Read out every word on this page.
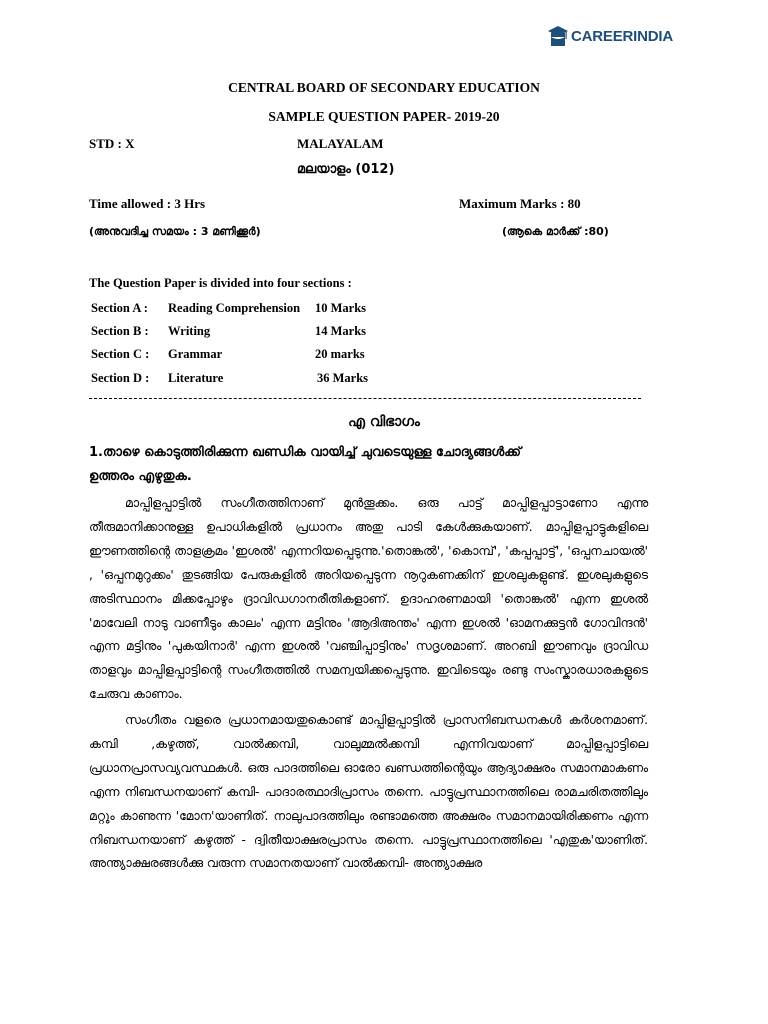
CAREERINDIA
CENTRAL BOARD OF SECONDARY EDUCATION
SAMPLE QUESTION PAPER- 2019-20
STD : X	MALAYALAM
മലയാളം (012)
Time allowed : 3 Hrs	Maximum Marks : 80
(അനുവദിച്ച സമയം : 3 മണിക്കൂർ)	(ആകെ മാർക്ക് :80)
The Question Paper is divided into four sections :
Section A : Reading Comprehension 10 Marks
Section B : Writing	14 Marks
Section C : Grammar	20 marks
Section D : Literature	36 Marks
എ വിഭാഗം
1.താഴെ കൊടുത്തിരിക്കുന്ന ഖണ്ഡിക വായിച്ച് ചുവടെയുള്ള ചോദ്യങ്ങൾക്ക്
ഉത്തരം എഴുതുക.

മാപ്പിളപ്പാട്ടിൽ സംഗീതത്തിനാണ് മുൻതൂക്കം. ഒരു പാട്ട് മാപ്പിളപ്പാട്ടാണോ എന്നു തീരുമാനിക്കാനുള്ള ഉപാധികളിൽ പ്രധാനം അതു പാടി കേൾക്കുകയാണ്. മാപ്പിളപ്പാട്ടുകളിലെ ഈണത്തിന്റെ താളക്രമം 'ഇശൽ' എന്നറിയപ്പെടുന്നു.'തൊങ്കൽ', 'കൊമ്പ്', 'കപ്പപ്പാട്ട്', 'ഒപ്പനചായൽ' , 'ഒപ്പനമുറുക്കം' തുടങ്ങിയ പേരുകളിൽ അറിയപ്പെടുന്ന നൂറുകണക്കിന് ഇശലുകളുണ്ട്. ഇശലുകളുടെ അടിസ്ഥാനം മിക്കപ്പോഴും ദ്രാവിഡഗാനരീതികളാണ്. ഉദാഹരണമായി 'തൊങ്കൽ' എന്ന ഇശൽ 'മാവേലി നാടു വാണീടും കാലം' എന്ന മട്ടിനും 'ആദിഅന്തം' എന്ന ഇശൽ 'ഓമനക്കുട്ടൻ ഗോവിന്ദൻ' എന്ന മട്ടിനും 'പുകയിനാർ' എന്ന ഇശൽ 'വഞ്ചിപ്പാട്ടിനും' സദൃശമാണ്. അറബി ഈണവും ദ്രാവിഡ താളവും മാപ്പിളപ്പാട്ടിന്റെ സംഗീതത്തിൽ സമന്വയിക്കപ്പെടുന്നു. ഇവിടെയും രണ്ടു സംസ്കാരധാരകളുടെ ചേരുവ കാണാം.

സംഗീതം വളരെ പ്രധാനമായതുകൊണ്ട് മാപ്പിളപ്പാട്ടിൽ പ്രാസനിബന്ധനകൾ കർശനമാണ്. കമ്പി ,കഴുത്ത്, വാൽക്കമ്പി, വാലുമ്മൽക്കമ്പി എന്നിവയാണ് മാപ്പിളപ്പാട്ടിലെ പ്രധാനപ്രാസവ്യവസ്ഥകൾ. ഒരു പാദത്തിലെ ഓരോ ഖണ്ഡത്തിന്റെയും ആദ്യാക്ഷരം സമാനമാകണം എന്ന നിബന്ധനയാണ് കമ്പി- പാദാരത്ഥാദിപ്രാസം തന്നെ. പാട്ടുപ്രസ്ഥാനത്തിലെ രാമചരിതത്തിലും മറ്റും കാണുന്ന 'മോന'യാണിത്. നാലുപാദത്തിലും രണ്ടാമത്തെ അക്ഷരം സമാനമായിരിക്കണം എന്ന നിബന്ധനയാണ് കഴുത്ത് - ദ്വിതീയാക്ഷരപ്രാസം തന്നെ. പാട്ടുപ്രസ്ഥാനത്തിലെ 'എതുക'യാണിത്. അന്ത്യാക്ഷരങ്ങൾക്കു വരുന്ന സമാനതയാണ് വാൽക്കമ്പി- അന്ത്യാക്ഷര
